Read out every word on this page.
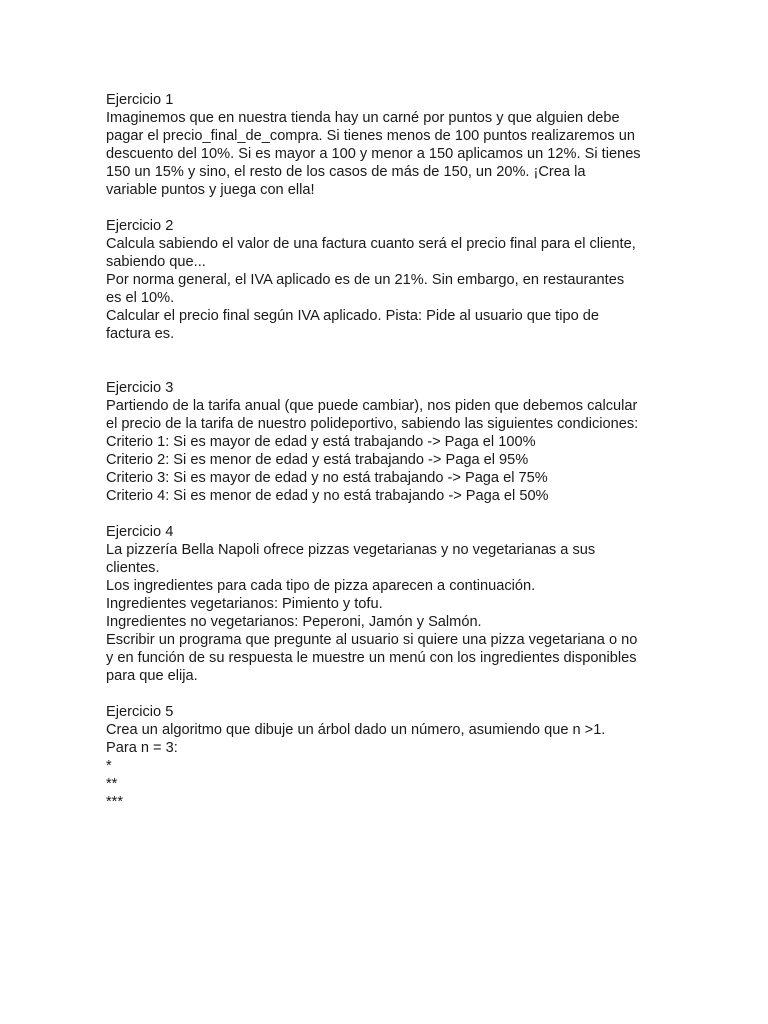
Ejercicio 1
Imaginemos que en nuestra tienda hay un carné por puntos y que alguien debe
pagar el precio_final_de_compra. Si tienes menos de 100 puntos realizaremos un
descuento del 10%. Si es mayor a 100 y menor a 150 aplicamos un 12%. Si tienes
150 un 15% y sino, el resto de los casos de más de 150, un 20%. ¡Crea la
variable puntos y juega con ella!
Ejercicio 2
Calcula sabiendo el valor de una factura cuanto será el precio final para el cliente,
sabiendo que...
Por norma general, el IVA aplicado es de un 21%. Sin embargo, en restaurantes
es el 10%.
Calcular el precio final según IVA aplicado. Pista: Pide al usuario que tipo de
factura es.
Ejercicio 3
Partiendo de la tarifa anual (que puede cambiar), nos piden que debemos calcular
el precio de la tarifa de nuestro polideportivo, sabiendo las siguientes condiciones:
Criterio 1: Si es mayor de edad y está trabajando -> Paga el 100%
Criterio 2: Si es menor de edad y está trabajando -> Paga el 95%
Criterio 3: Si es mayor de edad y no está trabajando -> Paga el 75%
Criterio 4: Si es menor de edad y no está trabajando -> Paga el 50%
Ejercicio 4
La pizzería Bella Napoli ofrece pizzas vegetarianas y no vegetarianas a sus
clientes.
Los ingredientes para cada tipo de pizza aparecen a continuación.
Ingredientes vegetarianos: Pimiento y tofu.
Ingredientes no vegetarianos: Peperoni, Jamón y Salmón.
Escribir un programa que pregunte al usuario si quiere una pizza vegetariana o no
y en función de su respuesta le muestre un menú con los ingredientes disponibles
para que elija.
Ejercicio 5
Crea un algoritmo que dibuje un árbol dado un número, asumiendo que n >1.
Para n = 3:
*
**
***
